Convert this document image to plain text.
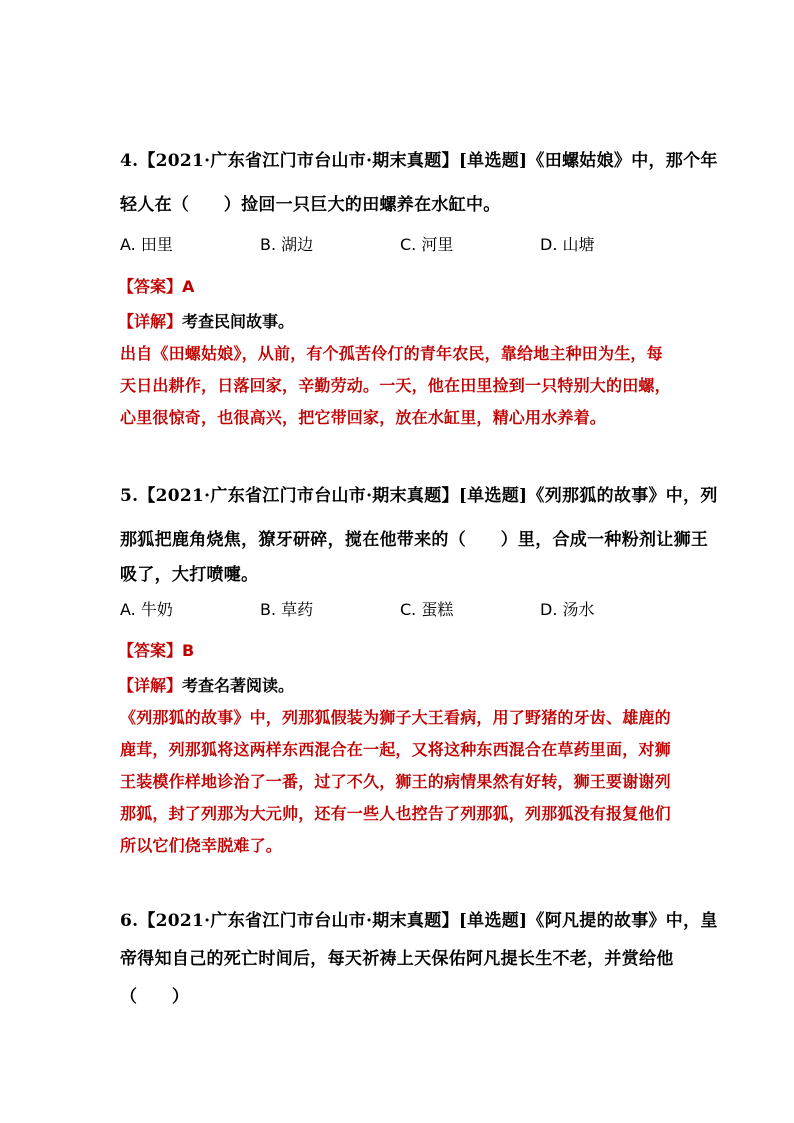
4.【2021·广东省江门市台山市·期末真题】[单选题]《田螺姑娘》中，那个年
轻人在（　　）捡回一只巨大的田螺养在水缸中。
A. 田里	B. 湖边	C. 河里	D. 山塘
【答案】A
【详解】考查民间故事。
出自《田螺姑娘》，从前，有个孤苦伶仃的青年农民，靠给地主种田为生，每
天日出耕作，日落回家，辛勤劳动。一天，他在田里捡到一只特别大的田螺，
心里很惊奇，也很高兴，把它带回家，放在水缸里，精心用水养着。
5.【2021·广东省江门市台山市·期末真题】[单选题]《列那狐的故事》中，列
那狐把鹿角烧焦，獠牙研碎，搅在他带来的（　　）里，合成一种粉剂让狮王
吸了，大打喷嚏。
A. 牛奶	B. 草药	C. 蛋糕	D. 汤水
【答案】B
【详解】考查名著阅读。
《列那狐的故事》中，列那狐假装为狮子大王看病，用了野猪的牙齿、雄鹿的
鹿茸，列那狐将这两样东西混合在一起，又将这种东西混合在草药里面，对狮
王装模作样地诊治了一番，过了不久，狮王的病情果然有好转，狮王要谢谢列
那狐，封了列那为大元帅，还有一些人也控告了列那狐，列那狐没有报复他们
所以它们侥幸脱难了。
6.【2021·广东省江门市台山市·期末真题】[单选题]《阿凡提的故事》中，皇
帝得知自己的死亡时间后，每天祈祷上天保佑阿凡提长生不老，并赏给他
（　　）
